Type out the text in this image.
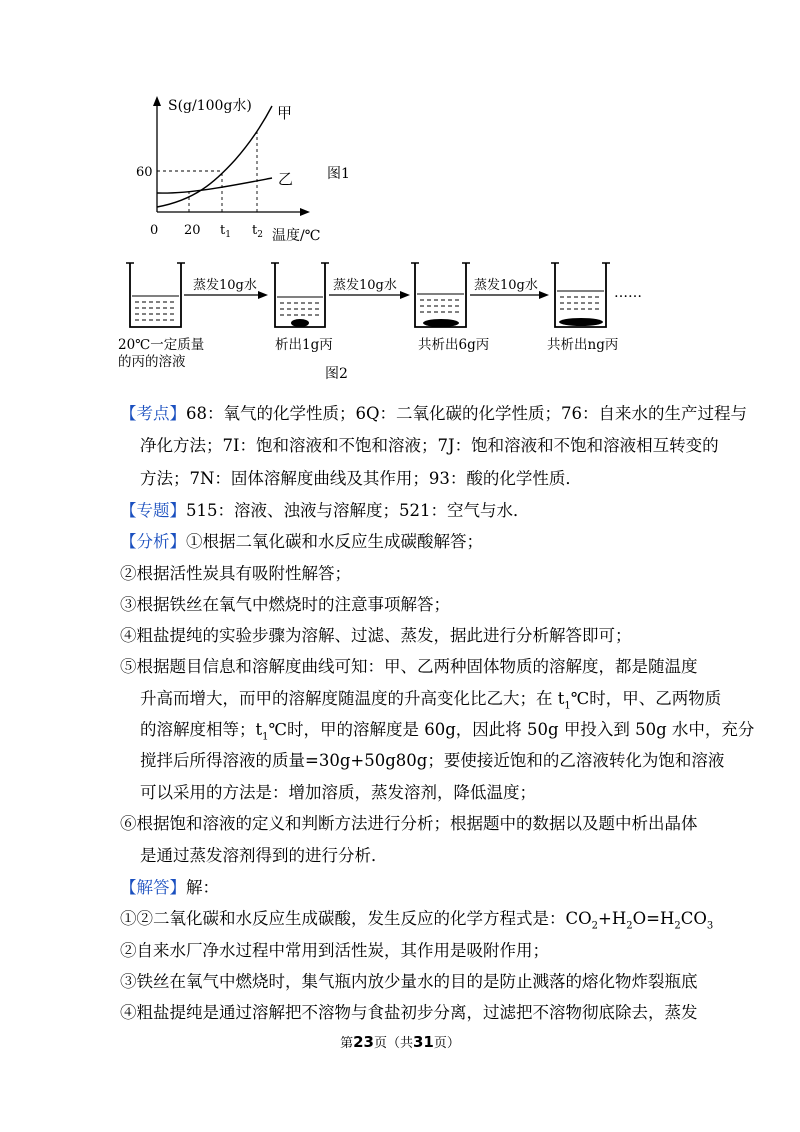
S(g/100g水)
温度/℃
60
0 20 $t_1$ $t_2$
甲
乙 图1
蒸发10g水	蒸发10g水	蒸发10g水	……
20℃一定质量
的丙的溶液
析出1g丙	共析出6g丙	共析出ng丙
图2
【考点】68：氧气的化学性质；6Q：二氧化碳的化学性质；76：自来水的生产过程与
净化方法；7I：饱和溶液和不饱和溶液；7J：饱和溶液和不饱和溶液相互转变的
方法；7N：固体溶解度曲线及其作用；93：酸的化学性质．
【专题】515：溶液、浊液与溶解度；521：空气与水．
【分析】①根据二氧化碳和水反应生成碳酸解答；
②根据活性炭具有吸附性解答；
③根据铁丝在氧气中燃烧时的注意事项解答；
④粗盐提纯的实验步骤为溶解、过滤、蒸发，据此进行分析解答即可；
⑤根据题目信息和溶解度曲线可知：甲、乙两种固体物质的溶解度，都是随温度
升高而增大，而甲的溶解度随温度的升高变化比乙大；在 $t_1℃$时，甲、乙两物质
的溶解度相等；$t_1℃$时，甲的溶解度是 60g，因此将 50g 甲投入到 50g 水中，充分
搅拌后所得溶液的质量=30g+50g80g；要使接近饱和的乙溶液转化为饱和溶液
可以采用的方法是：增加溶质，蒸发溶剂，降低温度；
⑥根据饱和溶液的定义和判断方法进行分析；根据题中的数据以及题中析出晶体
是通过蒸发溶剂得到的进行分析．
【解答】解：
①②二氧化碳和水反应生成碳酸，发生反应的化学方程式是：$CO_2+H_2O=H_2CO_3$
②自来水厂净水过程中常用到活性炭，其作用是吸附作用；
③铁丝在氧气中燃烧时，集气瓶内放少量水的目的是防止溅落的熔化物炸裂瓶底
④粗盐提纯是通过溶解把不溶物与食盐初步分离，过滤把不溶物彻底除去，蒸发
第23页（共31页）
